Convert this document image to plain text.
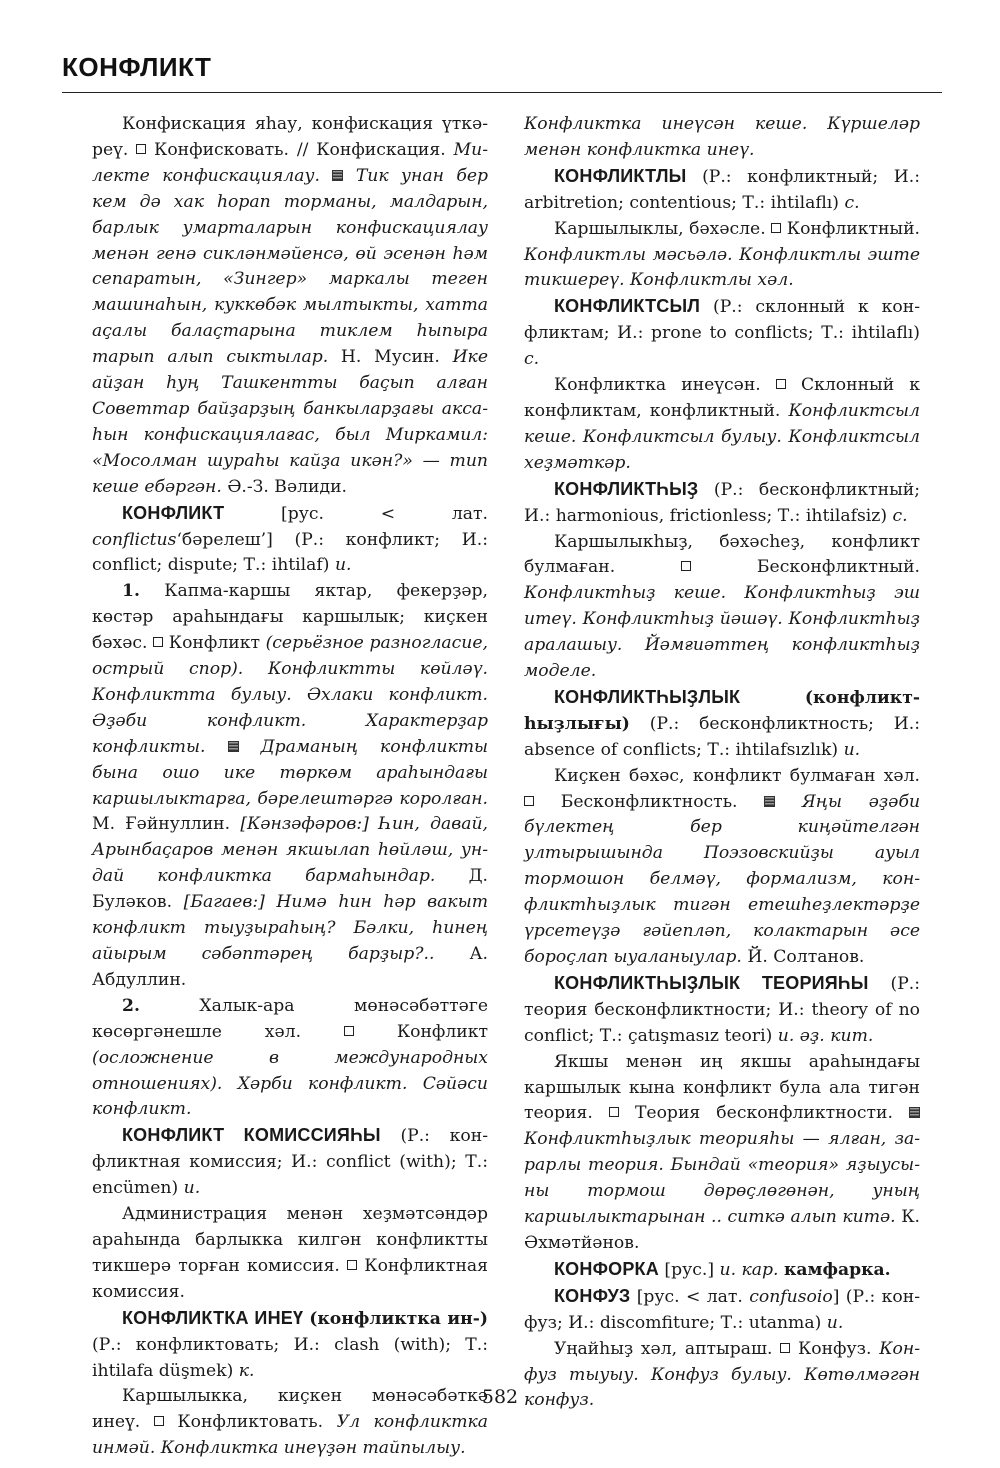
КОНФЛИКТ

Конфискация яһау, конфискация үткәреү. Конфисковать. // Конфискация. Милекте конфискациялау. Тик унан бер кем дә хак һорап торманы, малдарын, барлык умарталарын конфискациялау менән генә сикләнмәйенсә, өй эсенән һәм сепаратын, «Зингер» маркалы теген машинаһын, куккөбәк мылтыкты, хатта аҫалы балаҫтарына тиклем һыпыра тарып алып сыктылар. Н. Мусин. Ике айҙан һуң Ташкентты баҫып алған Советтар байҙарҙың банкыларҙағы аксаһын конфискациялағас, был Миркамил: «Мосолман шураһы кайҙа икән?» — тип кеше ебәргән. Ә.-З. Вәлиди.

КОНФЛИКТ	[рус. < лат. conflictus‘бәрелеш’] (Р.: конфликт; И.: conflict; dispute; Т.: ihtilaf) и.

1. Капма-каршы яктар, фекерҙәр, көстәр араһындағы каршылык; киҫкен бәхәс. Конфликт (серьёзное разногласие, острый спор). Конфликтты көйләү. Конфликтта булыу. Әхлаки конфликт. Әҙәби конфликт. Характерҙар конфликты.	Драманың конфликты бына ошо ике төркөм араһындағы каршылыктарға, бәрелештәргә королған. М. Ғәйнуллин. [Кәнзәфәров:] Һин, давай, Арынбаҫаров менән якшылап һөйләш, ундай конфликтка бармаһындар. Д. Буләков. [Багаев:] Нимә һин һәр вакыт конфликт тыуҙыраһың? Бәлки, һинең айырым сәбәптәрең барҙыр?.. А. Абдуллин.

2.	Халык-ара мөнәсәбәттәге көсөргәнешле хәл.	Конфликт (осложнение в международных отношениях). Хәрби конфликт. Сәйәси конфликт.

КОНФЛИКТ КОМИССИЯҺЫ (Р.: конфликтная комиссия; И.: conflict (with); Т.: encümen) и.

Администрация менән хеҙмәтсәндәр араһында барлыкка килгән конфликтты тикшерә торған комиссия. Конфликтная комиссия.

КОНФЛИКТКА ИНЕҮ (конфликтка ин-) (Р.: конфликтовать; И.: clash (with); Т.: ihtilafa düşmek) к.

Каршылыкка, киҫкен мөнәсәбәткә инеү. Конфликтовать. Ул конфликтка инмәй. Конфликтка инеүҙән тайпылыу.

Конфликтка инеүсән кеше. Күршеләр менән конфликтка инеү.

КОНФЛИКТЛЫ (Р.: конфликтный; И.: arbitretion; contentious; Т.: ihtilaflı) с.

Каршылыклы, бәхәсле. Конфликтный. Конфликтлы мәсьәлә. Конфликтлы эште тикшереү. Конфликтлы хәл.

КОНФЛИКТСЫЛ (Р.: склонный к конфликтам; И.: prone to conflicts; Т.: ihtilaflı) с.

Конфликтка инеүсән. Склонный к конфликтам, конфликтный. Конфликтсыл кеше. Конфликтсыл булыу. Конфликтсыл хеҙмәткәр.

КОНФЛИКТҺЫҘ (Р.: бесконфликтный; И.: harmonious, frictionless; Т.: ihtilafsiz) с.

Каршылыкһыҙ, бәхәсһеҙ, конфликт булмаған.	Бесконфликтный. Конфликтһыҙ кеше. Конфликтһыҙ эш итеү. Конфликтһыҙ йәшәү. Конфликтһыҙ аралашыу. Йәмғиәттең конфликтһыҙ моделе.

КОНФЛИКТҺЫҘЛЫК	(конфликтһыҙлығы) (Р.: бесконфликтность; И.: absence of conflicts; Т.: ihtilafsızlık) и.

Киҫкен бәхәс, конфликт булмаған хәл.  Бесконфликтность.	Яңы әҙәби бүлектең бер киңәйтелгән ултырышында Поэзовскийҙы ауыл тормошон белмәү, формализм, конфликтһыҙлык тигән етешһеҙлектәрҙе үрсетеүҙә ғәйепләп, колактарын әсе бороҫлап ыуаланыулар. Й. Солтанов.

КОНФЛИКТҺЫҘЛЫК ТЕОРИЯҺЫ (Р.: теория бесконфликтности; И.: theory of no conflict; Т.: çatışmasız teori) и. әҙ. кит.

Якшы менән иң якшы араһындағы каршылык кына конфликт була ала тигән теория. Теория бесконфликтности.  Конфликтһыҙлык теорияһы — ялған, зарарлы теория. Бындай «теория» яҙыусыны тормош дөрөҫлөгөнән, уның каршылыктарынан .. ситкә алып китә. К. Әхмәтйәнов.

КОНФОРКА [рус.] и. кар. камфарка.

КОНФУЗ [рус. < лат. confusoio] (Р.: конфуз; И.: discomfiture; Т.: utanma) и.

Уңайһыҙ хәл, аптыраш. Конфуз. Конфуз тыуыу. Конфуз булыу. Көтөлмәгән конфуз.

582
